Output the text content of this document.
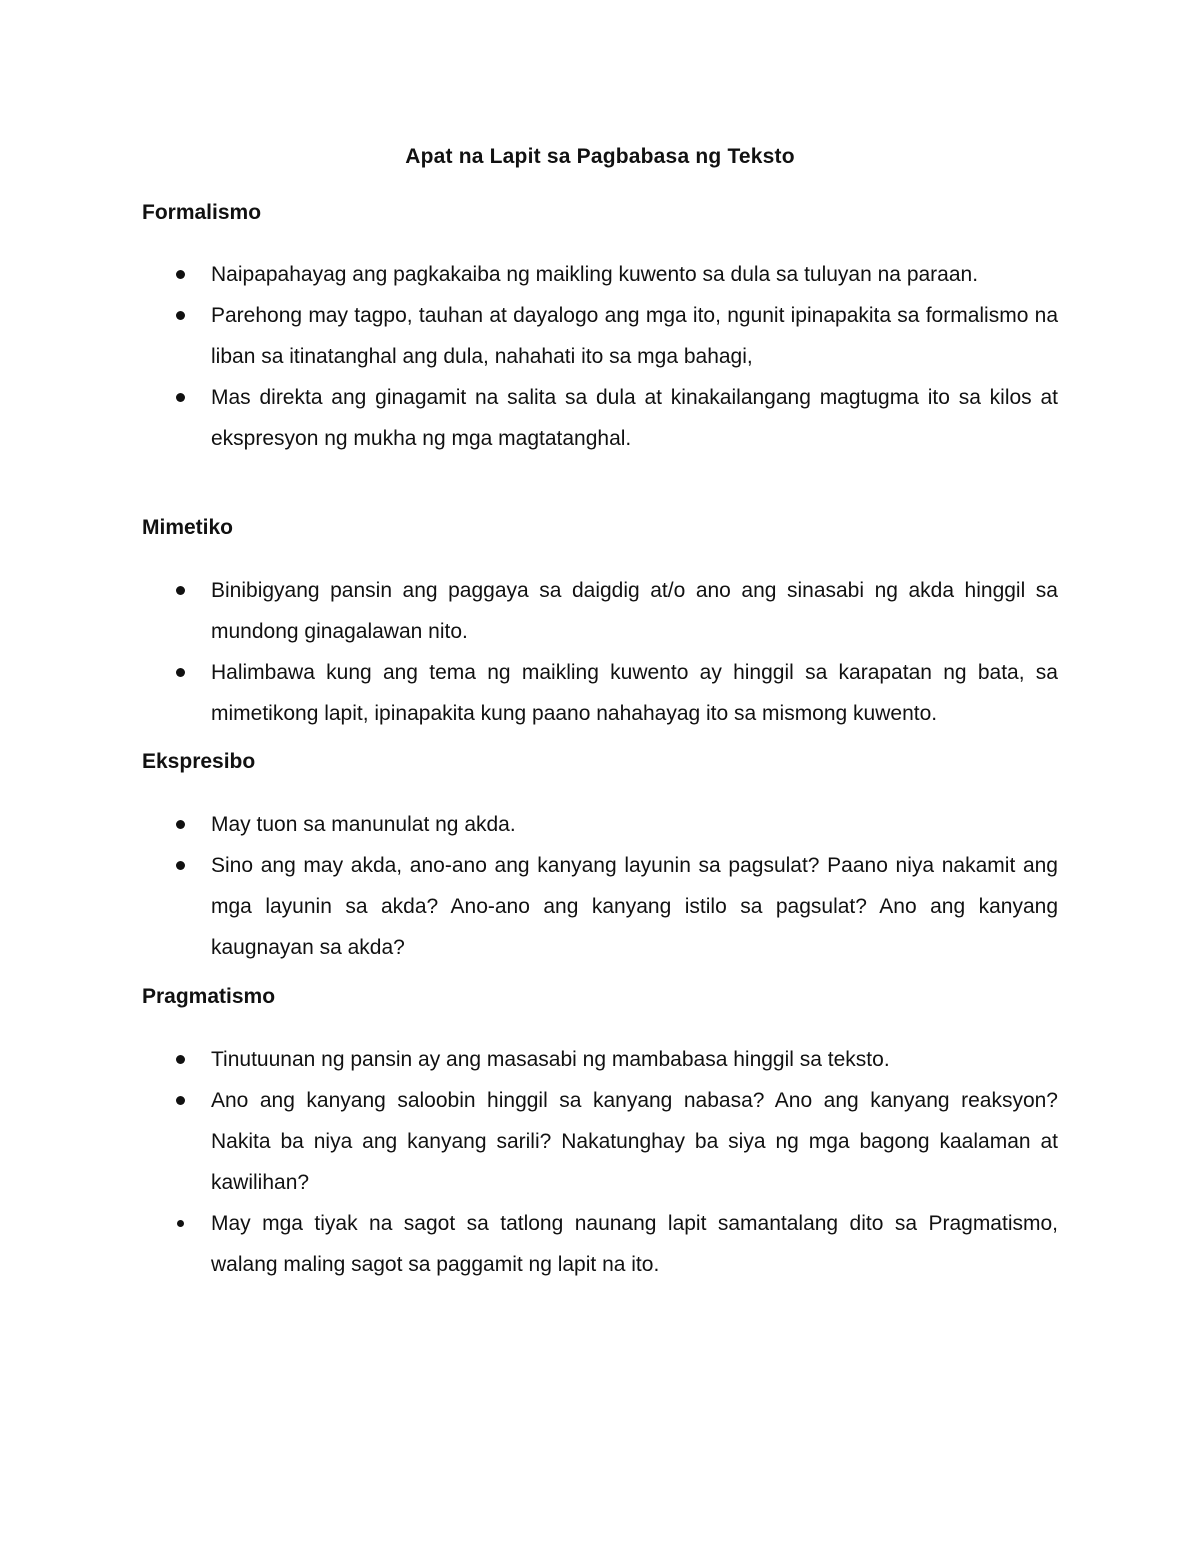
Apat na Lapit sa Pagbabasa ng Teksto
Formalismo
Naipapahayag ang pagkakaiba ng maikling kuwento sa dula sa tuluyan na paraan.
Parehong may tagpo, tauhan at dayalogo ang mga ito, ngunit ipinapakita sa formalismo na liban sa itinatanghal ang dula, nahahati ito sa mga bahagi,
Mas direkta ang ginagamit na salita sa dula at kinakailangang magtugma ito sa kilos at ekspresyon ng mukha ng mga magtatanghal.
Mimetiko
Binibigyang pansin ang paggaya sa daigdig at/o ano ang sinasabi ng akda hinggil sa mundong ginagalawan nito.
Halimbawa kung ang tema ng maikling kuwento ay hinggil sa karapatan ng bata, sa mimetikong lapit, ipinapakita kung paano nahahayag ito sa mismong kuwento.
Ekspresibo
May tuon sa manunulat ng akda.
Sino ang may akda, ano-ano ang kanyang layunin sa pagsulat? Paano niya nakamit ang mga layunin sa akda? Ano-ano ang kanyang istilo sa pagsulat? Ano ang kanyang kaugnayan sa akda?
Pragmatismo
Tinutuunan ng pansin ay ang masasabi ng mambabasa hinggil sa teksto.
Ano ang kanyang saloobin hinggil sa kanyang nabasa? Ano ang kanyang reaksyon? Nakita ba niya ang kanyang sarili? Nakatunghay ba siya ng mga bagong kaalaman at kawilihan?
May mga tiyak na sagot sa tatlong naunang lapit samantalang dito sa Pragmatismo, walang maling sagot sa paggamit ng lapit na ito.
